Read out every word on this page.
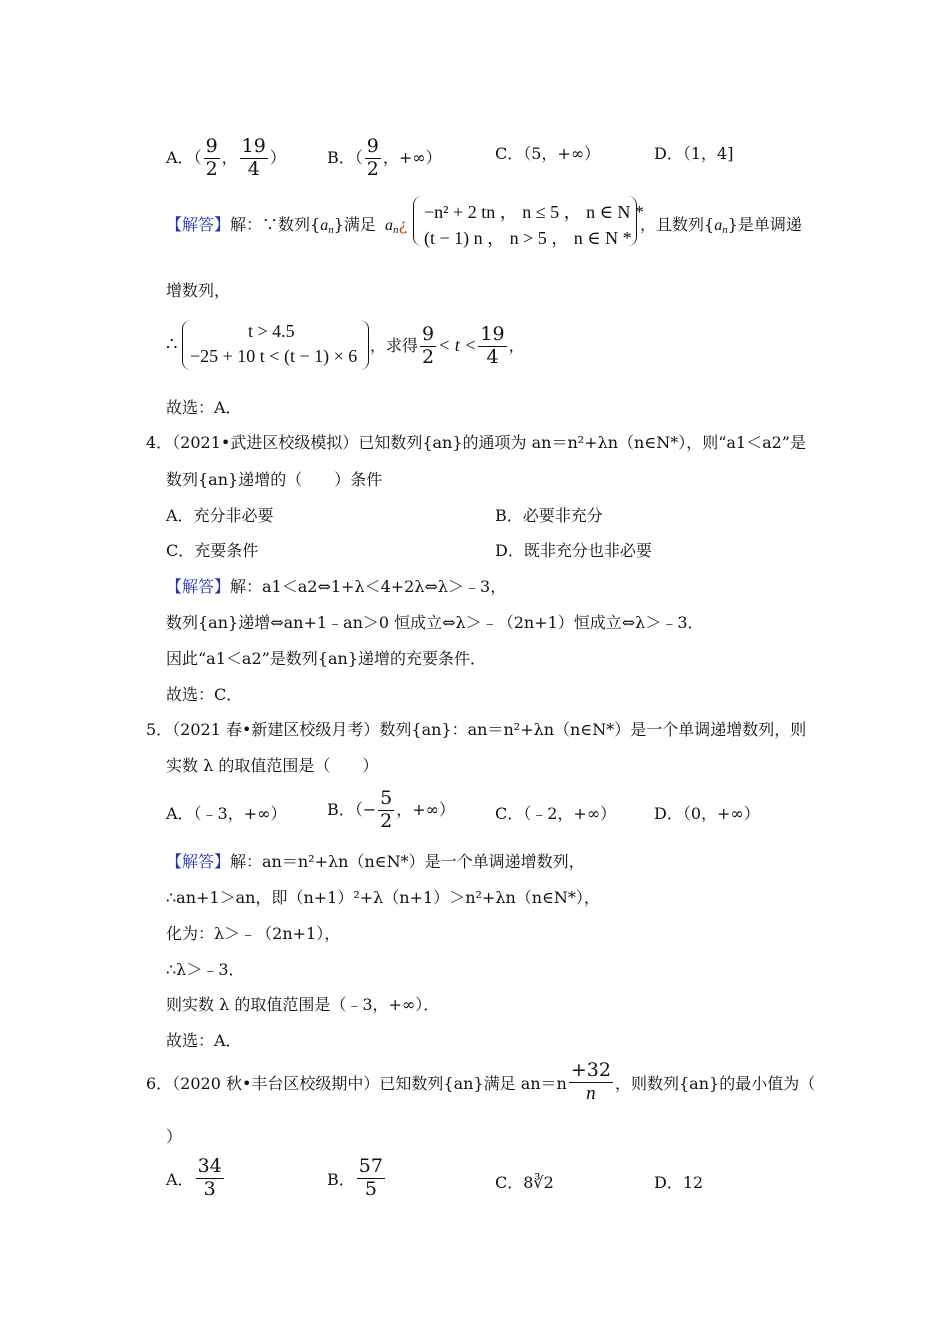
A．（ $\frac{9}{2}$ ， $\frac{19}{4}$ ）	B．（ $\frac{9}{2}$ ，+∞）	C．（5，+∞）	D．（1，4]
【解答】解：∵数列$\{a_n\}$满足 $a_n¿$
−n² + 2 tn ， n ≤ 5 ， n ∈ N *
(t − 1) n ， n > 5 ， n ∈ N *
，且数列$\{a_n\}$是单调递
增数列，
∴
t > 4.5
−25 + 10 t < (t − 1) × 6
，求得 $\frac{9}{2} < t < \frac{19}{4}$ ，
故选：A．
4．（2021•武进区校级模拟）已知数列{an}的通项为 an＝n²+λn（n∈N*），则“a1＜a2”是
数列{an}递增的（　　）条件
A．充分非必要	B．必要非充分
C．充要条件	D．既非充分也非必要
【解答】解：a1＜a2⇔1+λ＜4+2λ⇔λ＞﹣3，
数列{an}递增⇔an+1﹣an＞0 恒成立⇔λ＞﹣（2n+1）恒成立⇔λ＞﹣3．
因此“a1＜a2”是数列{an}递增的充要条件．
故选：C．
5．（2021 春•新建区校级月考）数列{an}：an＝n²+λn（n∈N*）是一个单调递增数列，则
实数 λ 的取值范围是（　　）
A．（﹣3，+∞）	B．（− $\frac{5}{2}$ ，+∞） C．（﹣2，+∞） D．（0，+∞）
【解答】解：an＝n²+λn（n∈N*）是一个单调递增数列，
∴an+1＞an，即（n+1）²+λ（n+1）＞n²+λn（n∈N*），
化为：λ＞﹣（2n+1），
∴λ＞﹣3．
则实数 λ 的取值范围是（﹣3，+∞）．
故选：A．
6．（2020 秋•丰台区校级期中）已知数列{an}满足 $an=n \frac{+32}{n}$ ，则数列{an}的最小值为（
）
A． $\frac{34}{3}$	B． $\frac{57}{5}$	C．8∛2	D．12
